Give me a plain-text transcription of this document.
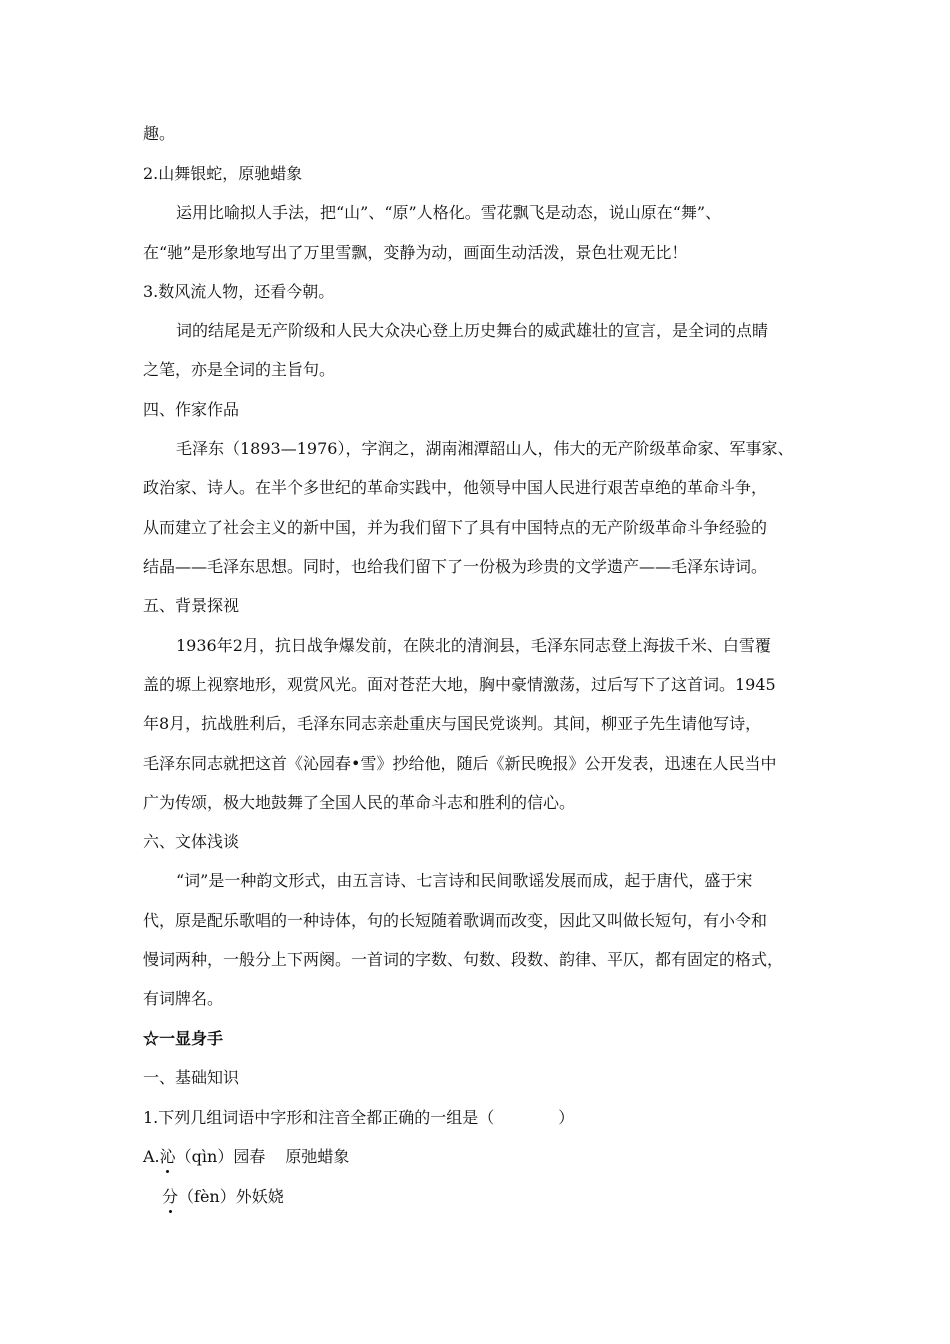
趣。
2.山舞银蛇，原驰蜡象
运用比喻拟人手法，把“山”、“原”人格化。雪花飘飞是动态，说山原在“舞”、
在“驰”是形象地写出了万里雪飘，变静为动，画面生动活泼，景色壮观无比！
3.数风流人物，还看今朝。
词的结尾是无产阶级和人民大众决心登上历史舞台的威武雄壮的宣言，是全词的点睛
之笔，亦是全词的主旨句。
四、作家作品
毛泽东（1893—1976），字润之，湖南湘潭韶山人，伟大的无产阶级革命家、军事家、
政治家、诗人。在半个多世纪的革命实践中，他领导中国人民进行艰苦卓绝的革命斗争，
从而建立了社会主义的新中国，并为我们留下了具有中国特点的无产阶级革命斗争经验的
结晶——毛泽东思想。同时，也给我们留下了一份极为珍贵的文学遗产——毛泽东诗词。
五、背景探视
1936年2月，抗日战争爆发前，在陕北的清涧县，毛泽东同志登上海拔千米、白雪覆
盖的塬上视察地形，观赏风光。面对苍茫大地，胸中豪情激荡，过后写下了这首词。1945
年8月，抗战胜利后，毛泽东同志亲赴重庆与国民党谈判。其间，柳亚子先生请他写诗，
毛泽东同志就把这首《沁园春•雪》抄给他，随后《新民晚报》公开发表，迅速在人民当中
广为传颂，极大地鼓舞了全国人民的革命斗志和胜利的信心。
六、文体浅谈
“词”是一种韵文形式，由五言诗、七言诗和民间歌谣发展而成，起于唐代，盛于宋
代，原是配乐歌唱的一种诗体，句的长短随着歌调而改变，因此又叫做长短句，有小令和
慢词两种，一般分上下两阕。一首词的字数、句数、段数、韵律、平仄，都有固定的格式，
有词牌名。
☆一显身手
一、基础知识
1.下列几组词语中字形和注音全都正确的一组是（　　　　）
A.沁（qìn）园春 原弛蜡象
分（fèn）外妖娆
